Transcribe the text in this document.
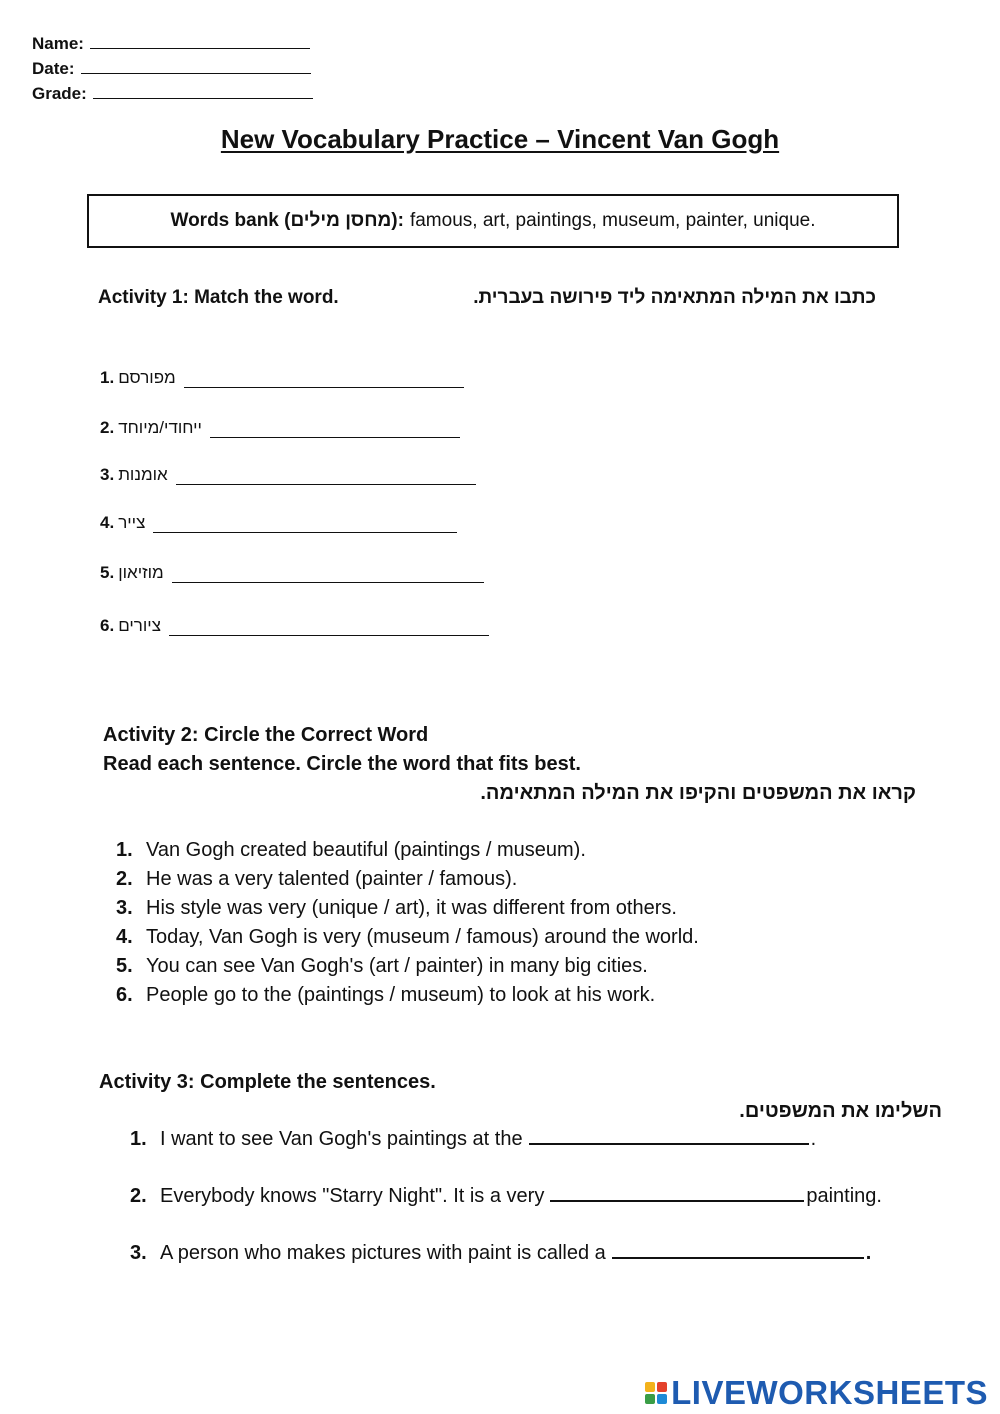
Name:
Date:
Grade:
New Vocabulary Practice – Vincent Van Gogh
Words bank (מחסן מילים): famous, art, paintings, museum, painter, unique.
Activity 1: Match the word.	כתבו את המילה המתאימה ליד פירושה בעברית.
1. מפורסם
2. ייחודי/מיוחד
3. אומנות
4. צייר
5. מוזיאון
6. ציורים
Activity 2: Circle the Correct Word
Read each sentence. Circle the word that fits best.
קראו את המשפטים והקיפו את המילה המתאימה.
1. Van Gogh created beautiful (paintings / museum).
2. He was a very talented (painter / famous).
3. His style was very (unique / art), it was different from others.
4. Today, Van Gogh is very (museum / famous) around the world.
5. You can see Van Gogh's (art / painter) in many big cities.
6. People go to the (paintings / museum) to look at his work.
Activity 3: Complete the sentences.
השלימו את המשפטים.
1. I want to see Van Gogh's paintings at the	.
2. Everybody knows "Starry Night". It is a very	painting.
3. A person who makes pictures with paint is called a	.
LIVEWORKSHEETS
